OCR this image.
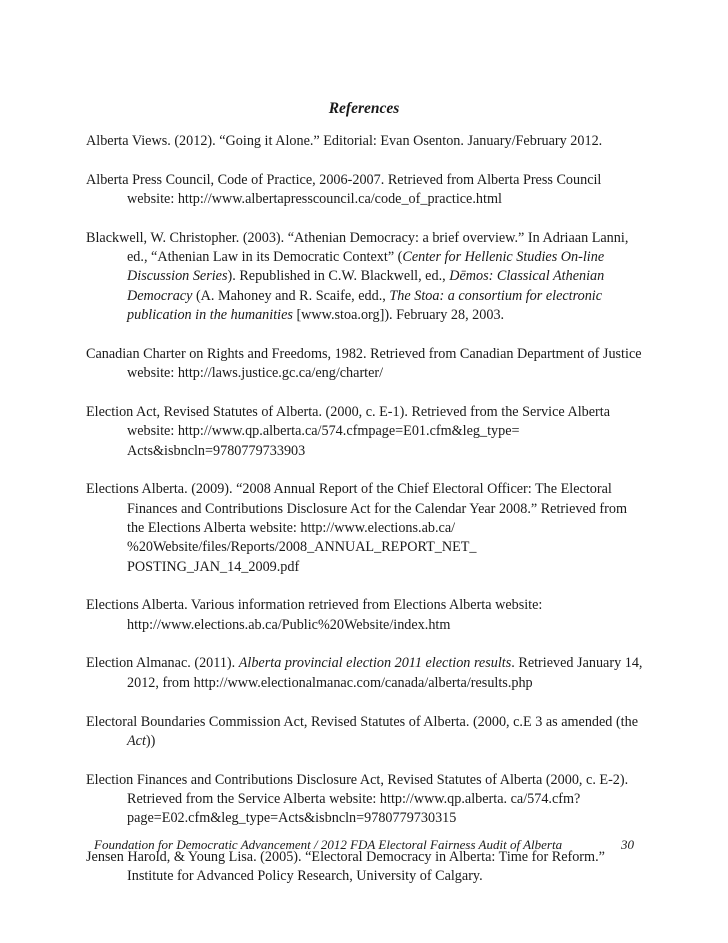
References
Alberta Views. (2012). “Going it Alone.” Editorial: Evan Osenton. January/February 2012.
Alberta Press Council, Code of Practice, 2006-2007. Retrieved from Alberta Press Council website: http://www.albertapresscouncil.ca/code_of_practice.html
Blackwell, W. Christopher. (2003). “Athenian Democracy: a brief overview.” In Adriaan Lanni, ed., “Athenian Law in its Democratic Context” (Center for Hellenic Studies On-line Discussion Series). Republished in C.W. Blackwell, ed., Dēmos: Classical Athenian Democracy (A. Mahoney and R. Scaife, edd., The Stoa: a consortium for electronic publication in the humanities [www.stoa.org]). February 28, 2003.
Canadian Charter on Rights and Freedoms, 1982. Retrieved from Canadian Department of Justice website: http://laws.justice.gc.ca/eng/charter/
Election Act, Revised Statutes of Alberta. (2000, c. E-1). Retrieved from the Service Alberta website: http://www.qp.alberta.ca/574.cfmpage=E01.cfm&leg_type= Acts&isbncln=9780779733903
Elections Alberta. (2009). “2008 Annual Report of the Chief Electoral Officer: The Electoral Finances and Contributions Disclosure Act for the Calendar Year 2008.” Retrieved from the Elections Alberta website: http://www.elections.ab.ca/ %20Website/files/Reports/2008_ANNUAL_REPORT_NET_ POSTING_JAN_14_2009.pdf
Elections Alberta. Various information retrieved from Elections Alberta website: http://www.elections.ab.ca/Public%20Website/index.htm
Election Almanac. (2011). Alberta provincial election 2011 election results. Retrieved January 14, 2012, from http://www.electionalmanac.com/canada/alberta/results.php
Electoral Boundaries Commission Act, Revised Statutes of Alberta. (2000, c.E 3 as amended (the Act))
Election Finances and Contributions Disclosure Act, Revised Statutes of Alberta (2000, c. E-2). Retrieved from the Service Alberta website: http://www.qp.alberta. ca/574.cfm?page=E02.cfm&leg_type=Acts&isbncln=9780779730315
Jensen Harold, & Young Lisa. (2005). “Electoral Democracy in Alberta: Time for Reform.” Institute for Advanced Policy Research, University of Calgary.
Foundation for Democratic Advancement / 2012 FDA Electoral Fairness Audit of Alberta	30
